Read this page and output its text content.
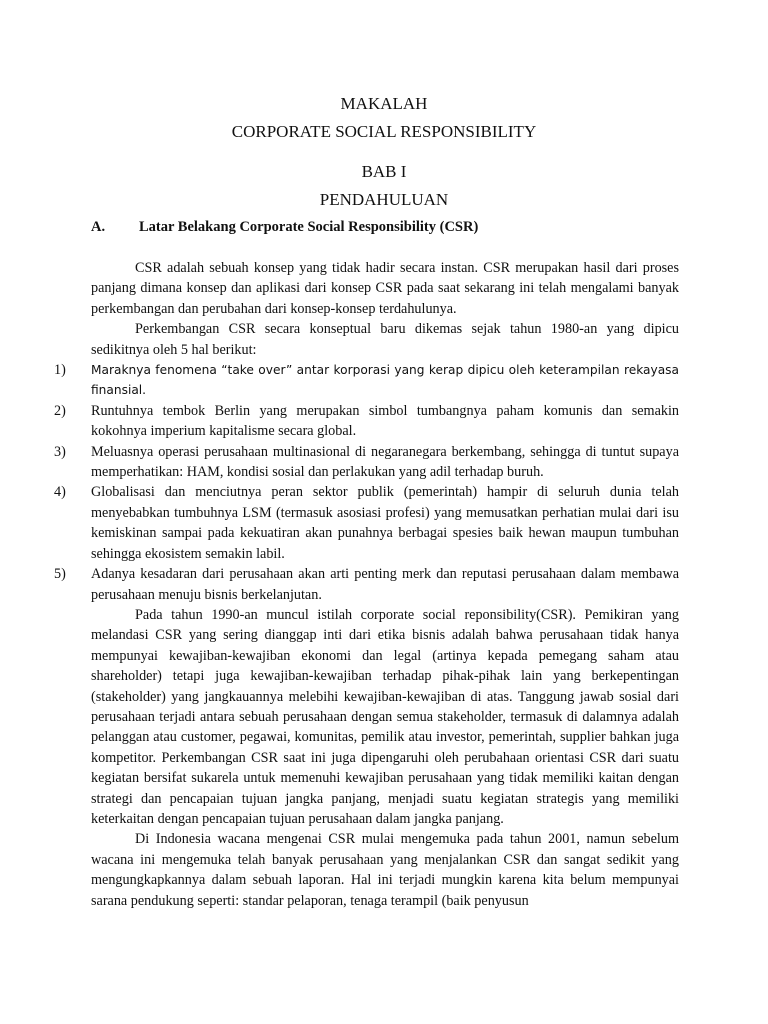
MAKALAH
CORPORATE SOCIAL RESPONSIBILITY
BAB I
PENDAHULUAN
A. Latar Belakang Corporate Social Responsibility (CSR)

CSR adalah sebuah konsep yang tidak hadir secara instan. CSR merupakan hasil dari proses panjang dimana konsep dan aplikasi dari konsep CSR pada saat sekarang ini telah mengalami banyak perkembangan dan perubahan dari konsep-konsep terdahulunya.

Perkembangan CSR secara konseptual baru dikemas sejak tahun 1980-an yang dipicu sedikitnya oleh 5 hal berikut:

1) Maraknya fenomena “take over” antar korporasi yang kerap dipicu oleh keterampilan rekayasa finansial.
2) Runtuhnya tembok Berlin yang merupakan simbol tumbangnya paham komunis dan semakin kokohnya imperium kapitalisme secara global.
3) Meluasnya operasi perusahaan multinasional di negaranegara berkembang, sehingga di tuntut supaya memperhatikan: HAM, kondisi sosial dan perlakukan yang adil terhadap buruh.
4) Globalisasi dan menciutnya peran sektor publik (pemerintah) hampir di seluruh dunia telah menyebabkan tumbuhnya LSM (termasuk asosiasi profesi) yang memusatkan perhatian mulai dari isu kemiskinan sampai pada kekuatiran akan punahnya berbagai spesies baik hewan maupun tumbuhan sehingga ekosistem semakin labil.
5) Adanya kesadaran dari perusahaan akan arti penting merk dan reputasi perusahaan dalam membawa perusahaan menuju bisnis berkelanjutan.

Pada tahun 1990-an muncul istilah corporate social reponsibility(CSR). Pemikiran yang melandasi CSR yang sering dianggap inti dari etika bisnis adalah bahwa perusahaan tidak hanya mempunyai kewajiban-kewajiban ekonomi dan legal (artinya kepada pemegang saham atau shareholder) tetapi juga kewajiban-kewajiban terhadap pihak-pihak lain yang berkepentingan (stakeholder) yang jangkauannya melebihi kewajiban-kewajiban di atas. Tanggung jawab sosial dari perusahaan terjadi antara sebuah perusahaan dengan semua stakeholder, termasuk di dalamnya adalah pelanggan atau customer, pegawai, komunitas, pemilik atau investor, pemerintah, supplier bahkan juga kompetitor. Perkembangan CSR saat ini juga dipengaruhi oleh perubahaan orientasi CSR dari suatu kegiatan bersifat sukarela untuk memenuhi kewajiban perusahaan yang tidak memiliki kaitan dengan strategi dan pencapaian tujuan jangka panjang, menjadi suatu kegiatan strategis yang memiliki keterkaitan dengan pencapaian tujuan perusahaan dalam jangka panjang.

Di Indonesia wacana mengenai CSR mulai mengemuka pada tahun 2001, namun sebelum wacana ini mengemuka telah banyak perusahaan yang menjalankan CSR dan sangat sedikit yang mengungkapkannya dalam sebuah laporan. Hal ini terjadi mungkin karena kita belum mempunyai sarana pendukung seperti: standar pelaporan, tenaga terampil (baik penyusun
